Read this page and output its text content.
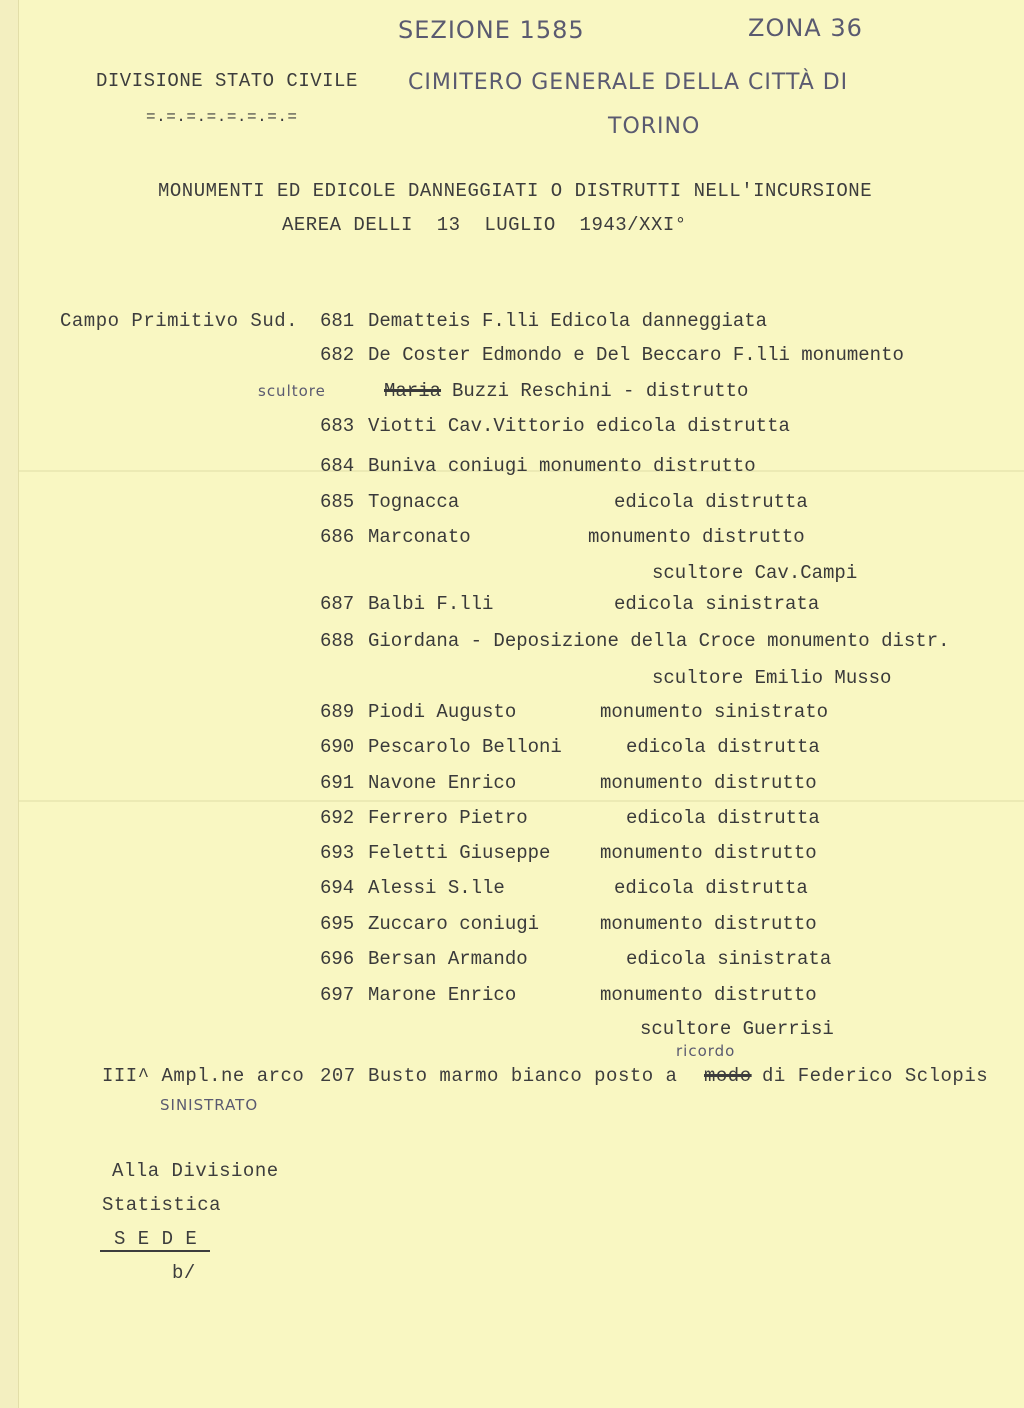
SEZIONE 1585	ZONA 36
CIMITERO GENERALE DELLA CITTÀ DI
TORINO
DIVISIONE STATO CIVILE
=.=.=.=.=.=.=.=
MONUMENTI ED EDICOLE DANNEGGIATI O DISTRUTTI NELL'INCURSIONE
AEREA DELLI  13  LUGLIO  1943/XXI°
Campo Primitivo Sud. 681 Dematteis F.lli Edicola danneggiata
682 De Coster Edmondo e Del Beccaro F.lli monumento
scultore	Maria Buzzi Reschini - distrutto
683 Viotti Cav.Vittorio edicola distrutta
684 Buniva coniugi monumento distrutto
685 Tognacca	edicola distrutta
686 Marconato	monumento distrutto
scultore Cav.Campi
687 Balbi F.lli	edicola sinistrata
688 Giordana - Deposizione della Croce monumento distr.
scultore Emilio Musso
689 Piodi Augusto	monumento sinistrato
690 Pescarolo Belloni	edicola distrutta
691 Navone Enrico	monumento distrutto
692 Ferrero Pietro	edicola distrutta
693 Feletti Giuseppe	monumento distrutto
694 Alessi S.lle	edicola distrutta
695 Zuccaro coniugi	monumento distrutto
696 Bersan Armando	edicola sinistrata
697 Marone Enrico	monumento distrutto
scultore Guerrisi
ricordo
III^ Ampl.ne arco 207 Busto marmo bianco posto a modo di Federico Sclopis
SINISTRATO
Alla Divisione
Statistica
S E D E
b/
